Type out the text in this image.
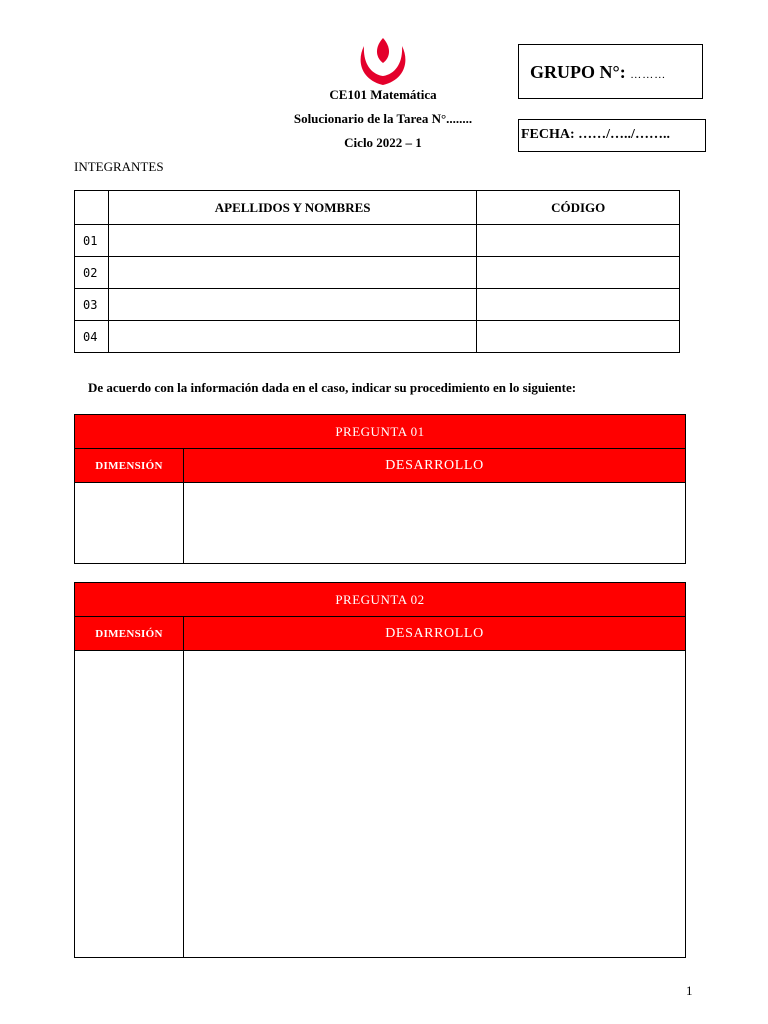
CE101 Matemática
Solucionario de la Tarea N°........
Ciclo 2022 – 1
GRUPO N°: ………
FECHA: ……/…../……..
INTEGRANTES
	APELLIDOS Y NOMBRES	CÓDIGO
01		
02		
03		
04		
De acuerdo con la información dada en el caso, indicar su procedimiento en lo siguiente:
PREGUNTA 01	
DIMENSIÓN	DESARROLLO

PREGUNTA 02	
DIMENSIÓN	DESARROLLO

1
